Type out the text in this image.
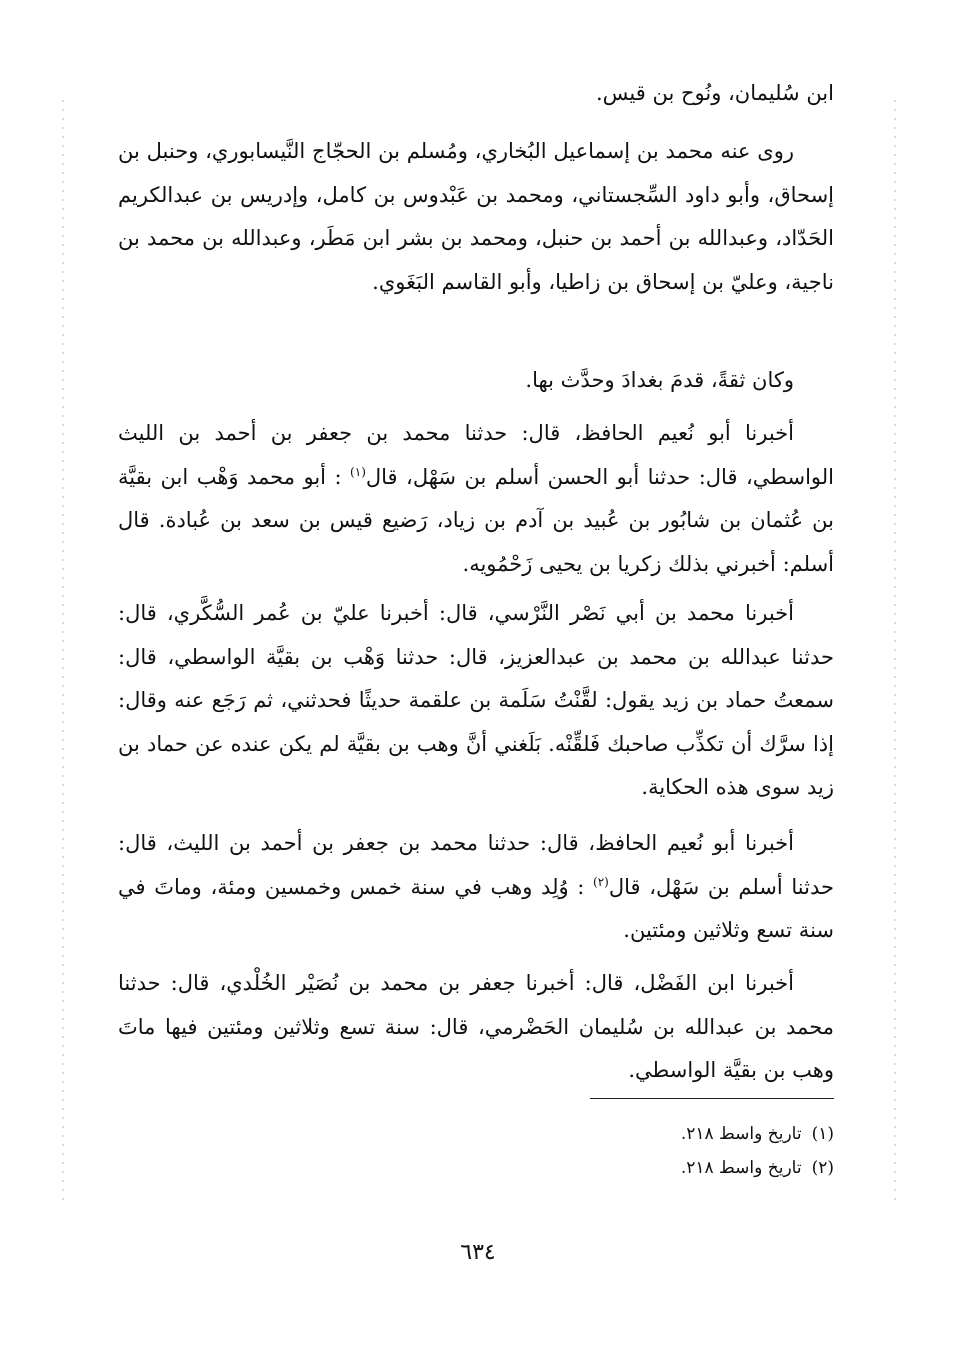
ابن سُليمان، ونُوح بن قيس.

روى عنه محمد بن إسماعيل البُخاري، ومُسلم بن الحجّاج النَّيسابوري، وحنبل بن إسحاق، وأبو داود السِّجستاني، ومحمد بن عَبْدوس بن كامل، وإدريس بن عبدالكريم الحَدّاد، وعبدالله بن أحمد بن حنبل، ومحمد بن بشر ابن مَطَر، وعبدالله بن محمد بن ناجية، وعليّ بن إسحاق بن زاطيا، وأبو القاسم البَغَوي.

وكان ثقةً، قدمَ بغدادَ وحدَّث بها.

أخبرنا أبو نُعيم الحافظ، قال: حدثنا محمد بن جعفر بن أحمد بن الليث الواسطي، قال: حدثنا أبو الحسن أسلم بن سَهْل، قال$^{(١)}$ : أبو محمد وَهْب ابن بقيَّة بن عُثمان بن شابُور بن عُبيد بن آدم بن زياد، رَضيع قيس بن سعد بن عُبادة. قال أسلم: أخبرني بذلك زكريا بن يحيى زَحْمُويه.

أخبرنا محمد بن أبي نَصْر النَّرْسي، قال: أخبرنا عليّ بن عُمر السُّكَّري، قال: حدثنا عبدالله بن محمد بن عبدالعزيز، قال: حدثنا وَهْب بن بقيَّة الواسطي، قال: سمعتُ حماد بن زيد يقول: لقَّنْتُ سَلَمة بن علقمة حديثًا فحدثني، ثم رَجَع عنه وقال: إذا سرَّك أن تكذِّب صاحبك فَلقِّنْه. بَلَغني أنَّ وهب بن بقيَّة لم يكن عنده عن حماد بن زيد سوى هذه الحكاية.

أخبرنا أبو نُعيم الحافظ، قال: حدثنا محمد بن جعفر بن أحمد بن الليث، قال: حدثنا أسلم بن سَهْل، قال$^{(٢)}$ : وُلِد وهب في سنة خمس وخمسين ومئة، وماتَ في سنة تسع وثلاثين ومئتين.

أخبرنا ابن الفَضْل، قال: أخبرنا جعفر بن محمد بن نُصَيْر الخُلْدي، قال: حدثنا محمد بن عبدالله بن سُليمان الحَضْرمي، قال: سنة تسع وثلاثين ومئتين فيها ماتَ وهب بن بقيَّة الواسطي.

(١)تاريخ واسط ٢١٨.
(٢)تاريخ واسط ٢١٨.
٦٣٤
